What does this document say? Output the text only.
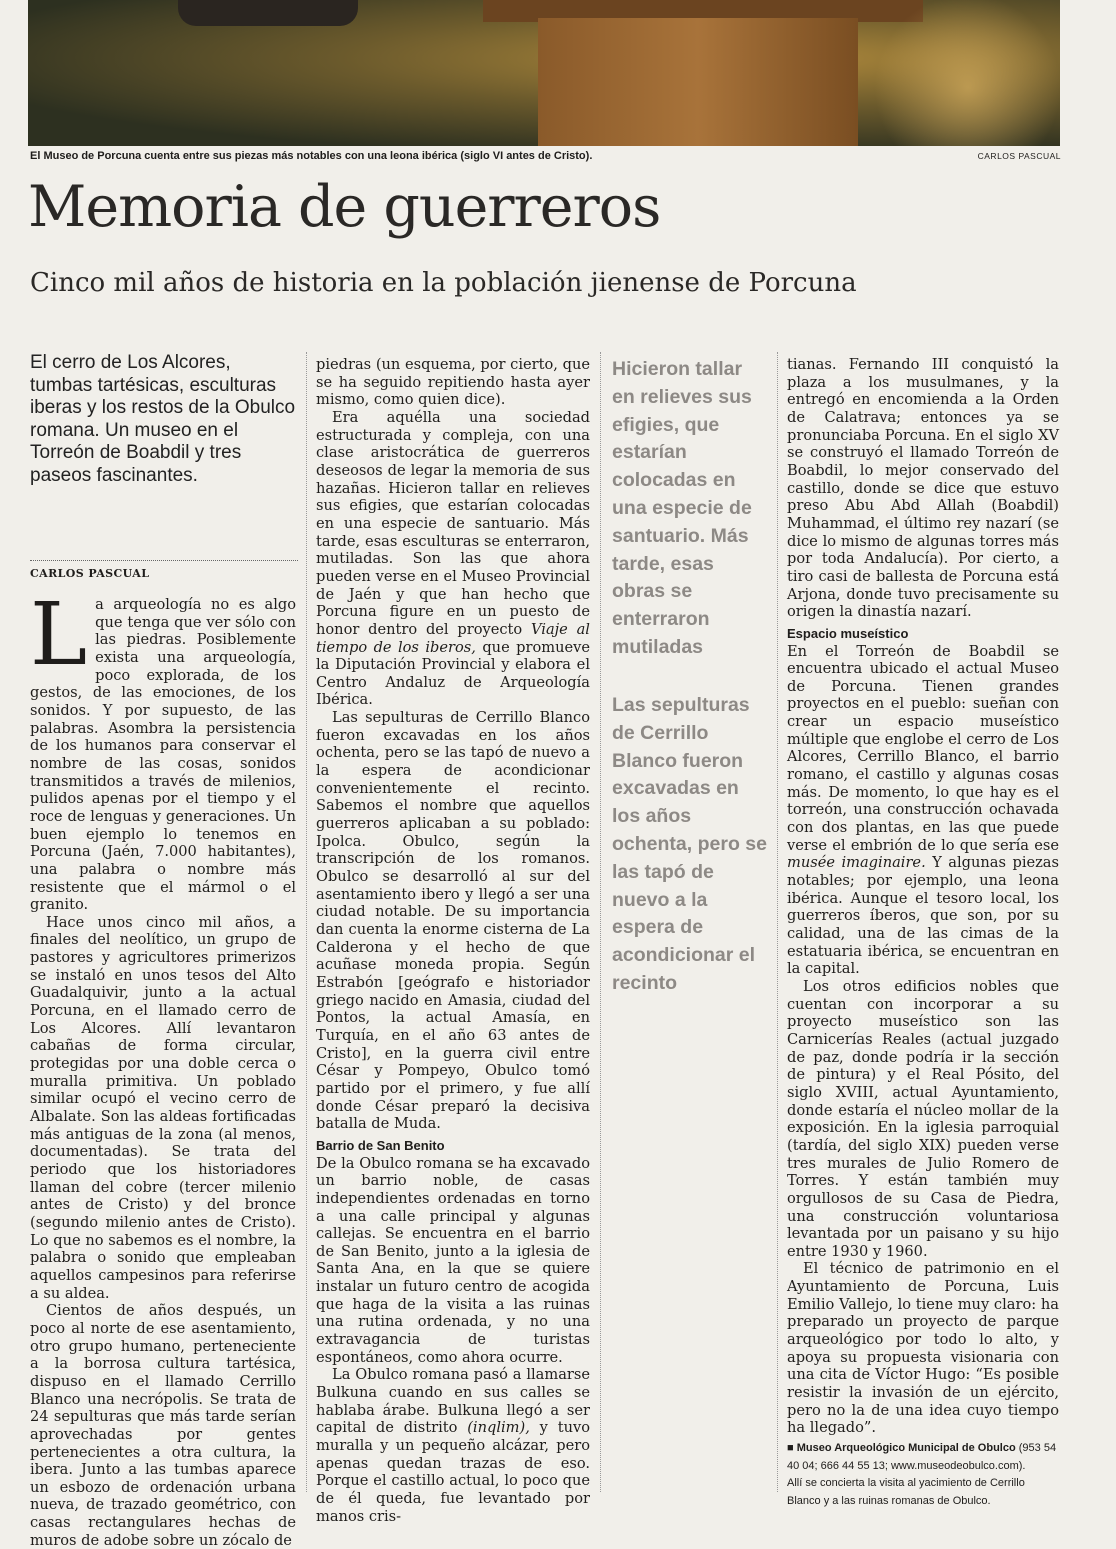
El Museo de Porcuna cuenta entre sus piezas más notables con una leona ibérica (siglo VI antes de Cristo).	CARLOS PASCUAL
Memoria de guerreros
Cinco mil años de historia en la población jienense de Porcuna

El cerro de Los Alcores, tumbas tartésicas, esculturas iberas y los restos de la Obulco romana. Un museo en el Torreón de Boabdil y tres paseos fascinantes.

CARLOS PASCUAL

La arqueología no es algo que tenga que ver sólo con las piedras. Posiblemente exista una arqueología, poco explorada, de los gestos, de las emociones, de los sonidos. Y por supuesto, de las palabras. Asombra la persistencia de los humanos para conservar el nombre de las cosas, sonidos transmitidos a través de milenios, pulidos apenas por el tiempo y el roce de lenguas y generaciones. Un buen ejemplo lo tenemos en Porcuna (Jaén, 7.000 habitantes), una palabra o nombre más resistente que el mármol o el granito.

Hace unos cinco mil años, a finales del neolítico, un grupo de pastores y agricultores primerizos se instaló en unos tesos del Alto Guadalquivir, junto a la actual Porcuna, en el llamado cerro de Los Alcores. Allí levantaron cabañas de forma circular, protegidas por una doble cerca o muralla primitiva. Un poblado similar ocupó el vecino cerro de Albalate. Son las aldeas fortificadas más antiguas de la zona (al menos, documentadas). Se trata del periodo que los historiadores llaman del cobre (tercer milenio antes de Cristo) y del bronce (segundo milenio antes de Cristo). Lo que no sabemos es el nombre, la palabra o sonido que empleaban aquellos campesinos para referirse a su aldea.

Cientos de años después, un poco al norte de ese asentamiento, otro grupo humano, perteneciente a la borrosa cultura tartésica, dispuso en el llamado Cerrillo Blanco una necrópolis. Se trata de 24 sepulturas que más tarde serían aprovechadas por gentes pertenecientes a otra cultura, la ibera. Junto a las tumbas aparece un esbozo de ordenación urbana nueva, de trazado geométrico, con casas rectangulares hechas de muros de adobe sobre un zócalo de

piedras (un esquema, por cierto, que se ha seguido repitiendo hasta ayer mismo, como quien dice).

Era aquélla una sociedad estructurada y compleja, con una clase aristocrática de guerreros deseosos de legar la memoria de sus hazañas. Hicieron tallar en relieves sus efigies, que estarían colocadas en una especie de santuario. Más tarde, esas esculturas se enterraron, mutiladas. Son las que ahora pueden verse en el Museo Provincial de Jaén y que han hecho que Porcuna figure en un puesto de honor dentro del proyecto Viaje al tiempo de los iberos, que promueve la Diputación Provincial y elabora el Centro Andaluz de Arqueología Ibérica.

Las sepulturas de Cerrillo Blanco fueron excavadas en los años ochenta, pero se las tapó de nuevo a la espera de acondicionar convenientemente el recinto. Sabemos el nombre que aquellos guerreros aplicaban a su poblado: Ipolca. Obulco, según la transcripción de los romanos. Obulco se desarrolló al sur del asentamiento ibero y llegó a ser una ciudad notable. De su importancia dan cuenta la enorme cisterna de La Calderona y el hecho de que acuñase moneda propia. Según Estrabón [geógrafo e historiador griego nacido en Amasia, ciudad del Pontos, la actual Amasía, en Turquía, en el año 63 antes de Cristo], en la guerra civil entre César y Pompeyo, Obulco tomó partido por el primero, y fue allí donde César preparó la decisiva batalla de Muda.

Barrio de San Benito

De la Obulco romana se ha excavado un barrio noble, de casas independientes ordenadas en torno a una calle principal y algunas callejas. Se encuentra en el barrio de San Benito, junto a la iglesia de Santa Ana, en la que se quiere instalar un futuro centro de acogida que haga de la visita a las ruinas una rutina ordenada, y no una extravagancia de turistas espontáneos, como ahora ocurre.

La Obulco romana pasó a llamarse Bulkuna cuando en sus calles se hablaba árabe. Bulkuna llegó a ser capital de distrito (inqlim), y tuvo muralla y un pequeño alcázar, pero apenas quedan trazas de eso. Porque el castillo actual, lo poco que de él queda, fue levantado por manos cris-

Hicieron tallar en relieves sus efigies, que estarían colocadas en una especie de santuario. Más tarde, esas obras se enterraron mutiladas

Las sepulturas de Cerrillo Blanco fueron excavadas en los años ochenta, pero se las tapó de nuevo a la espera de acondicionar el recinto

tianas. Fernando III conquistó la plaza a los musulmanes, y la entregó en encomienda a la Orden de Calatrava; entonces ya se pronunciaba Porcuna. En el siglo XV se construyó el llamado Torreón de Boabdil, lo mejor conservado del castillo, donde se dice que estuvo preso Abu Abd Allah (Boabdil) Muhammad, el último rey nazarí (se dice lo mismo de algunas torres más por toda Andalucía). Por cierto, a tiro casi de ballesta de Porcuna está Arjona, donde tuvo precisamente su origen la dinastía nazarí.

Espacio museístico

En el Torreón de Boabdil se encuentra ubicado el actual Museo de Porcuna. Tienen grandes proyectos en el pueblo: sueñan con crear un espacio museístico múltiple que englobe el cerro de Los Alcores, Cerrillo Blanco, el barrio romano, el castillo y algunas cosas más. De momento, lo que hay es el torreón, una construcción ochavada con dos plantas, en las que puede verse el embrión de lo que sería ese musée imaginaire. Y algunas piezas notables; por ejemplo, una leona ibérica. Aunque el tesoro local, los guerreros íberos, que son, por su calidad, una de las cimas de la estatuaria ibérica, se encuentran en la capital.

Los otros edificios nobles que cuentan con incorporar a su proyecto museístico son las Carnicerías Reales (actual juzgado de paz, donde podría ir la sección de pintura) y el Real Pósito, del siglo XVIII, actual Ayuntamiento, donde estaría el núcleo mollar de la exposición. En la iglesia parroquial (tardía, del siglo XIX) pueden verse tres murales de Julio Romero de Torres. Y están también muy orgullosos de su Casa de Piedra, una construcción voluntariosa levantada por un paisano y su hijo entre 1930 y 1960.

El técnico de patrimonio en el Ayuntamiento de Porcuna, Luis Emilio Vallejo, lo tiene muy claro: ha preparado un proyecto de parque arqueológico por todo lo alto, y apoya su propuesta visionaria con una cita de Víctor Hugo: “Es posible resistir la invasión de un ejército, pero no la de una idea cuyo tiempo ha llegado”.

■ Museo Arqueológico Municipal de Obulco (953 54 40 04; 666 44 55 13; www.museodeobulco.com).
Allí se concierta la visita al yacimiento de Cerrillo Blanco y a las ruinas romanas de Obulco.
